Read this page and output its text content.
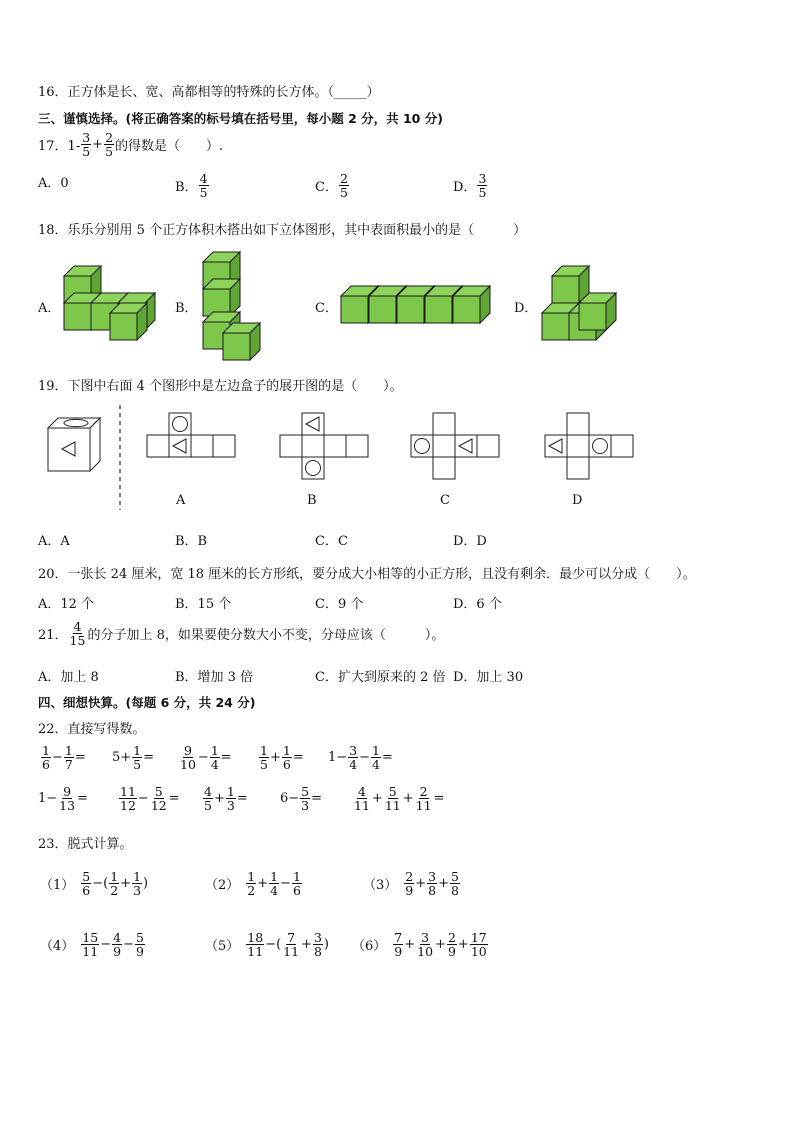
16．正方体是长、宽、高都相等的特殊的长方体。（_____）
三、谨慎选择。(将正确答案的标号填在括号里，每小题 2 分，共 10 分)
17．$1- \frac{3}{5} + \frac{2}{5}$ 的得数是（　　）.
A．0	B． $\frac{4}{5}$	C． $\frac{2}{5}$	D． $\frac{3}{5}$
18．乐乐分别用 5 个正方体积木搭出如下立体图形，其中表面积最小的是（　　　）
A．	B．	C．	D．
19．下图中右面 4 个图形中是左边盒子的展开图的是（　　）。
A	B	C	D
A．A	B．B	C．C	D．D
20．一张长 24 厘米，宽 18 厘米的长方形纸，要分成大小相等的小正方形，且没有剩余．最少可以分成（　　）。
A．12 个	B．15 个	C．9 个	D．6 个
21． $\frac{4}{15}$ 的分子加上 8，如果要使分数大小不变，分母应该（　　　）。
A．加上 8	B．增加 3 倍	C．扩大到原来的 2 倍 D．加上 30
四、细想快算。(每题 6 分，共 24 分)
22．直接写得数。
$\frac{1}{6} - \frac{1}{7} = 5+ \frac{1}{5} = \frac{9}{10} - \frac{1}{4} = \frac{1}{5} + \frac{1}{6} = 1- \frac{3}{4} - \frac{1}{4}$ =
$1- \frac{9}{13} = \frac{11}{12} - \frac{5}{12} = \frac{4}{5} + \frac{1}{3} = 6- \frac{5}{3} = \frac{4}{11} + \frac{5}{11} + \frac{2}{11}$ =
23．脱式计算。
$(1) \frac{5}{6}$ −( $\frac{1}{2} + \frac{1}{3}$ )	$(2) \frac{1}{2} + \frac{1}{4} - \frac{1}{6}$	$(3) \frac{2}{9} + \frac{3}{8} + \frac{5}{8}$
$(4) \frac{15}{11} - \frac{4}{9} - \frac{5}{9}$	$(5) \frac{18}{11}$ −( $\frac{7}{11} + \frac{3}{8}$ ) $(6) \frac{7}{9} + \frac{3}{10} + \frac{2}{9} + \frac{17}{10}$
